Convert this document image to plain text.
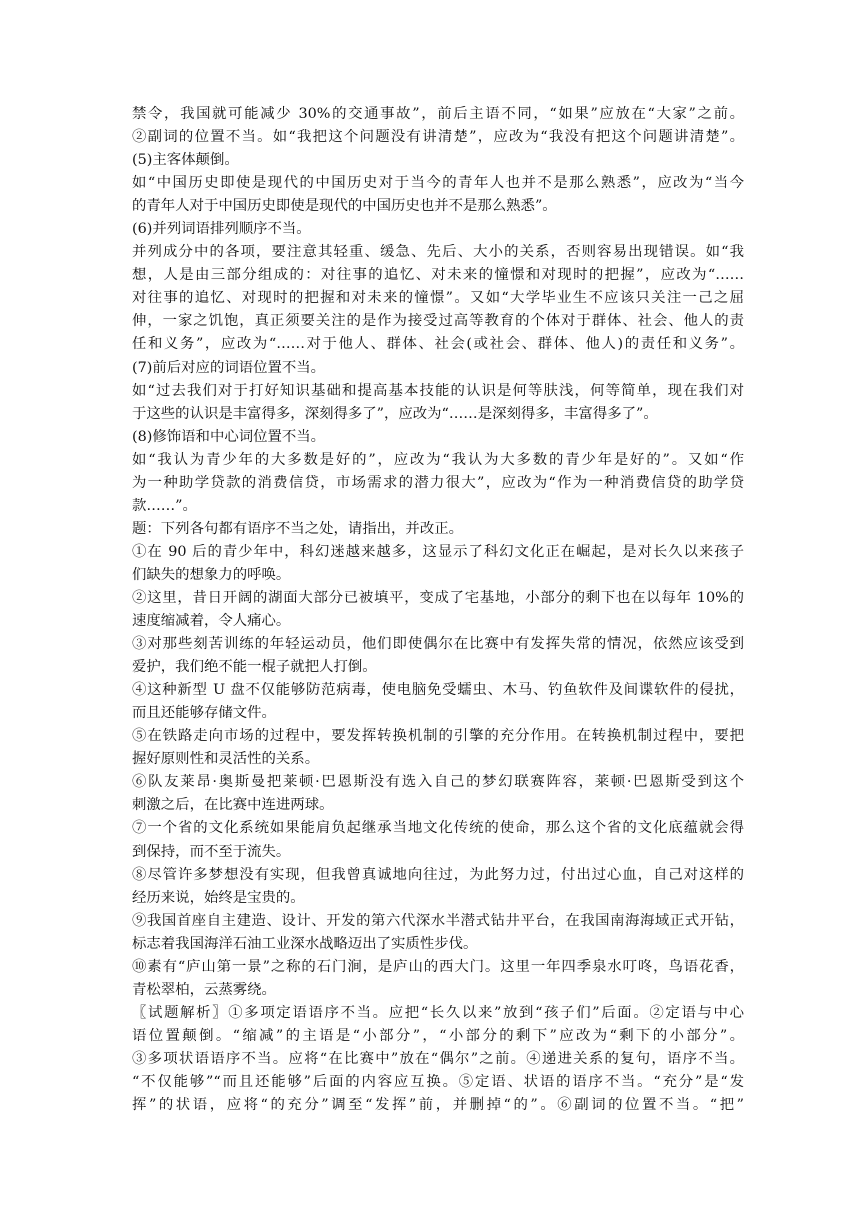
禁令，我国就可能减少 30%的交通事故”，前后主语不同，“如果”应放在“大家”之前。
②副词的位置不当。如“我把这个问题没有讲清楚”，应改为“我没有把这个问题讲清楚”。
(5)主客体颠倒。
如“中国历史即使是现代的中国历史对于当今的青年人也并不是那么熟悉”，应改为“当今
的青年人对于中国历史即使是现代的中国历史也并不是那么熟悉”。
(6)并列词语排列顺序不当。
并列成分中的各项，要注意其轻重、缓急、先后、大小的关系，否则容易出现错误。如“我
想，人是由三部分组成的：对往事的追忆、对未来的憧憬和对现时的把握”，应改为“……
对往事的追忆、对现时的把握和对未来的憧憬”。又如“大学毕业生不应该只关注一己之屈
伸，一家之饥饱，真正须要关注的是作为接受过高等教育的个体对于群体、社会、他人的责
任和义务”，应改为“……对于他人、群体、社会(或社会、群体、他人)的责任和义务”。
(7)前后对应的词语位置不当。
如“过去我们对于打好知识基础和提高基本技能的认识是何等肤浅，何等简单，现在我们对
于这些的认识是丰富得多，深刻得多了”，应改为“……是深刻得多，丰富得多了”。
(8)修饰语和中心词位置不当。
如“我认为青少年的大多数是好的”，应改为“我认为大多数的青少年是好的”。又如“作
为一种助学贷款的消费信贷，市场需求的潜力很大”，应改为“作为一种消费信贷的助学贷
款……”。
题：下列各句都有语序不当之处，请指出，并改正。
①在 90 后的青少年中，科幻迷越来越多，这显示了科幻文化正在崛起，是对长久以来孩子
们缺失的想象力的呼唤。
②这里，昔日开阔的湖面大部分已被填平，变成了宅基地，小部分的剩下也在以每年 10%的
速度缩减着，令人痛心。
③对那些刻苦训练的年轻运动员，他们即使偶尔在比赛中有发挥失常的情况，依然应该受到
爱护，我们绝不能一棍子就把人打倒。
④这种新型 U 盘不仅能够防范病毒，使电脑免受蠕虫、木马、钓鱼软件及间谍软件的侵扰，
而且还能够存储文件。
⑤在铁路走向市场的过程中，要发挥转换机制的引擎的充分作用。在转换机制过程中，要把
握好原则性和灵活性的关系。
⑥队友莱昂·奥斯曼把莱顿·巴恩斯没有选入自己的梦幻联赛阵容，莱顿·巴恩斯受到这个
刺激之后，在比赛中连进两球。
⑦一个省的文化系统如果能肩负起继承当地文化传统的使命，那么这个省的文化底蕴就会得
到保持，而不至于流失。
⑧尽管许多梦想没有实现，但我曾真诚地向往过，为此努力过，付出过心血，自己对这样的
经历来说，始终是宝贵的。
⑨我国首座自主建造、设计、开发的第六代深水半潜式钻井平台，在我国南海海域正式开钻，
标志着我国海洋石油工业深水战略迈出了实质性步伐。
⑩素有“庐山第一景”之称的石门涧，是庐山的西大门。这里一年四季泉水叮咚，鸟语花香，
青松翠柏，云蒸雾绕。
〖试题解析〗①多项定语语序不当。应把“长久以来”放到“孩子们”后面。②定语与中心
语位置颠倒。“缩减”的主语是“小部分”，“小部分的剩下”应改为“剩下的小部分”。
③多项状语语序不当。应将“在比赛中”放在“偶尔”之前。④递进关系的复句，语序不当。
“不仅能够”“而且还能够”后面的内容应互换。⑤定语、状语的语序不当。“充分”是“发
挥”的状语，应将“的充分”调至“发挥”前，并删掉“的”。⑥副词的位置不当。“把”
